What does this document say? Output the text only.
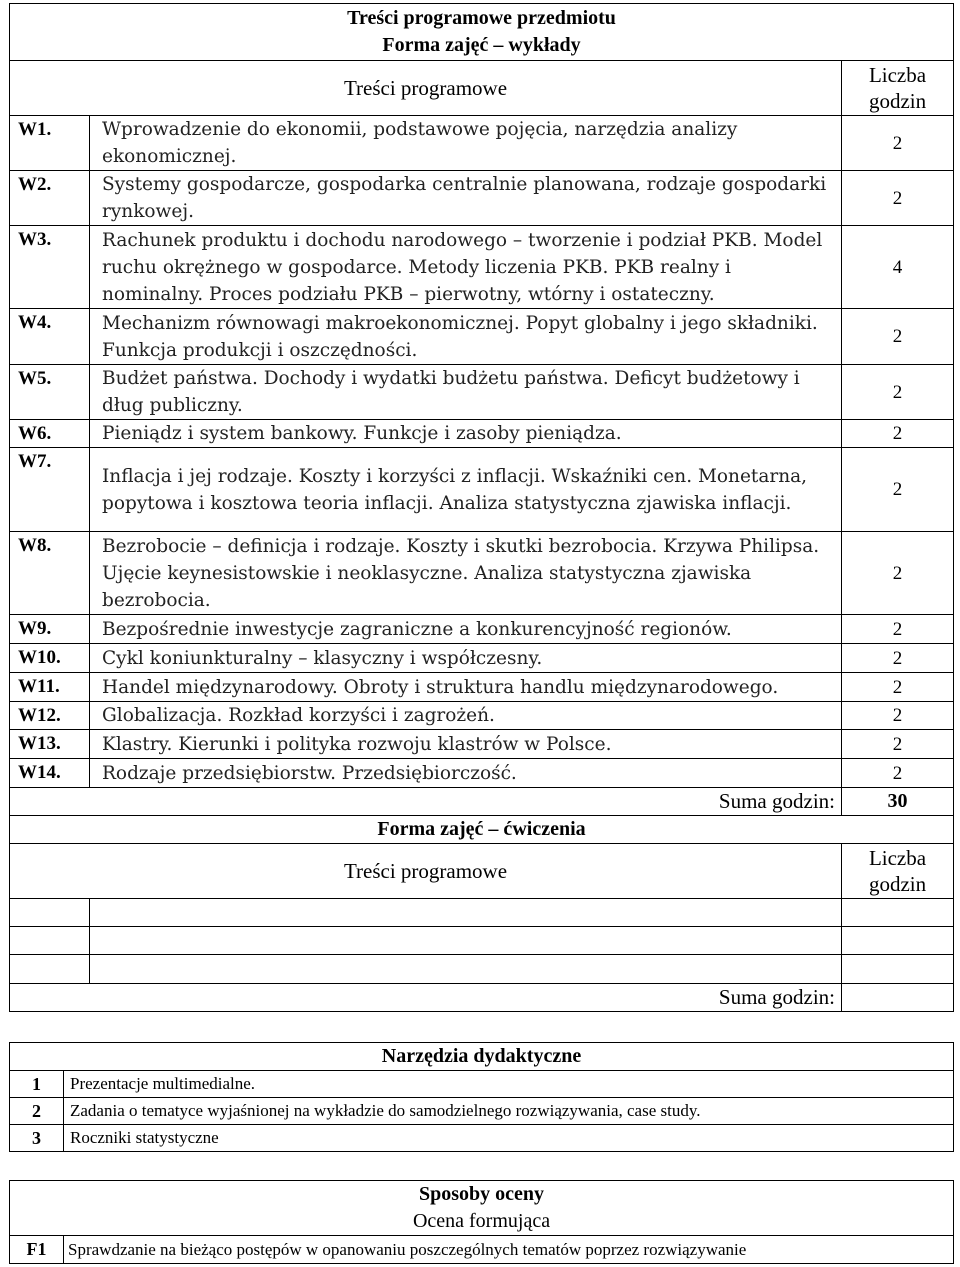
Treści programowe przedmiotu
Forma zajęć – wykłady		

Treści programowe		Liczba godzin
W1.	Wprowadzenie do ekonomii, podstawowe pojęcia, narzędzia analizy ekonomicznej.	2
W2.	Systemy gospodarcze, gospodarka centralnie planowana, rodzaje gospodarki rynkowej.	2
W3.	Rachunek produktu i dochodu narodowego – tworzenie i podział PKB. Model ruchu okrężnego w gospodarce. Metody liczenia PKB. PKB realny i nominalny. Proces podziału PKB – pierwotny, wtórny i ostateczny.	4
W4.	Mechanizm równowagi makroekonomicznej. Popyt globalny i jego składniki. Funkcja produkcji i oszczędności.	2
W5.	Budżet państwa. Dochody i wydatki budżetu państwa. Deficyt budżetowy i dług publiczny.	2
W6.	Pieniądz i system bankowy. Funkcje i zasoby pieniądza.	2
W7.	Inflacja i jej rodzaje. Koszty i korzyści z inflacji. Wskaźniki cen. Monetarna, popytowa i kosztowa teoria inflacji. Analiza statystyczna zjawiska inflacji.	2
W8.	Bezrobocie – definicja i rodzaje. Koszty i skutki bezrobocia. Krzywa Philipsa. Ujęcie keynesistowskie i neoklasyczne. Analiza statystyczna zjawiska bezrobocia.	2
W9.	Bezpośrednie inwestycje zagraniczne a konkurencyjność regionów.	2
W10.	Cykl koniunkturalny – klasyczny i współczesny.	2
W11.	Handel międzynarodowy. Obroty i struktura handlu międzynarodowego.	2
W12.	Globalizacja. Rozkład korzyści i zagrożeń.	2
W13.	Klastry. Kierunki i polityka rozwoju klastrów w Polsce.	2
W14.	Rodzaje przedsiębiorstw. Przedsiębiorczość.	2
Suma godzin:		30
Forma zajęć – ćwiczenia		
Treści programowe		Liczba godzin

Suma godzin:		
Narzędzia dydaktyczne	
1	Prezentacje multimedialne.
2	Zadania o tematyce wyjaśnionej na wykładzie do samodzielnego rozwiązywania, case study.
3	Roczniki statystyczne
Sposoby oceny
Ocena formująca

F1	Sprawdzanie na bieżąco postępów w opanowaniu poszczególnych tematów poprzez rozwiązywanie
